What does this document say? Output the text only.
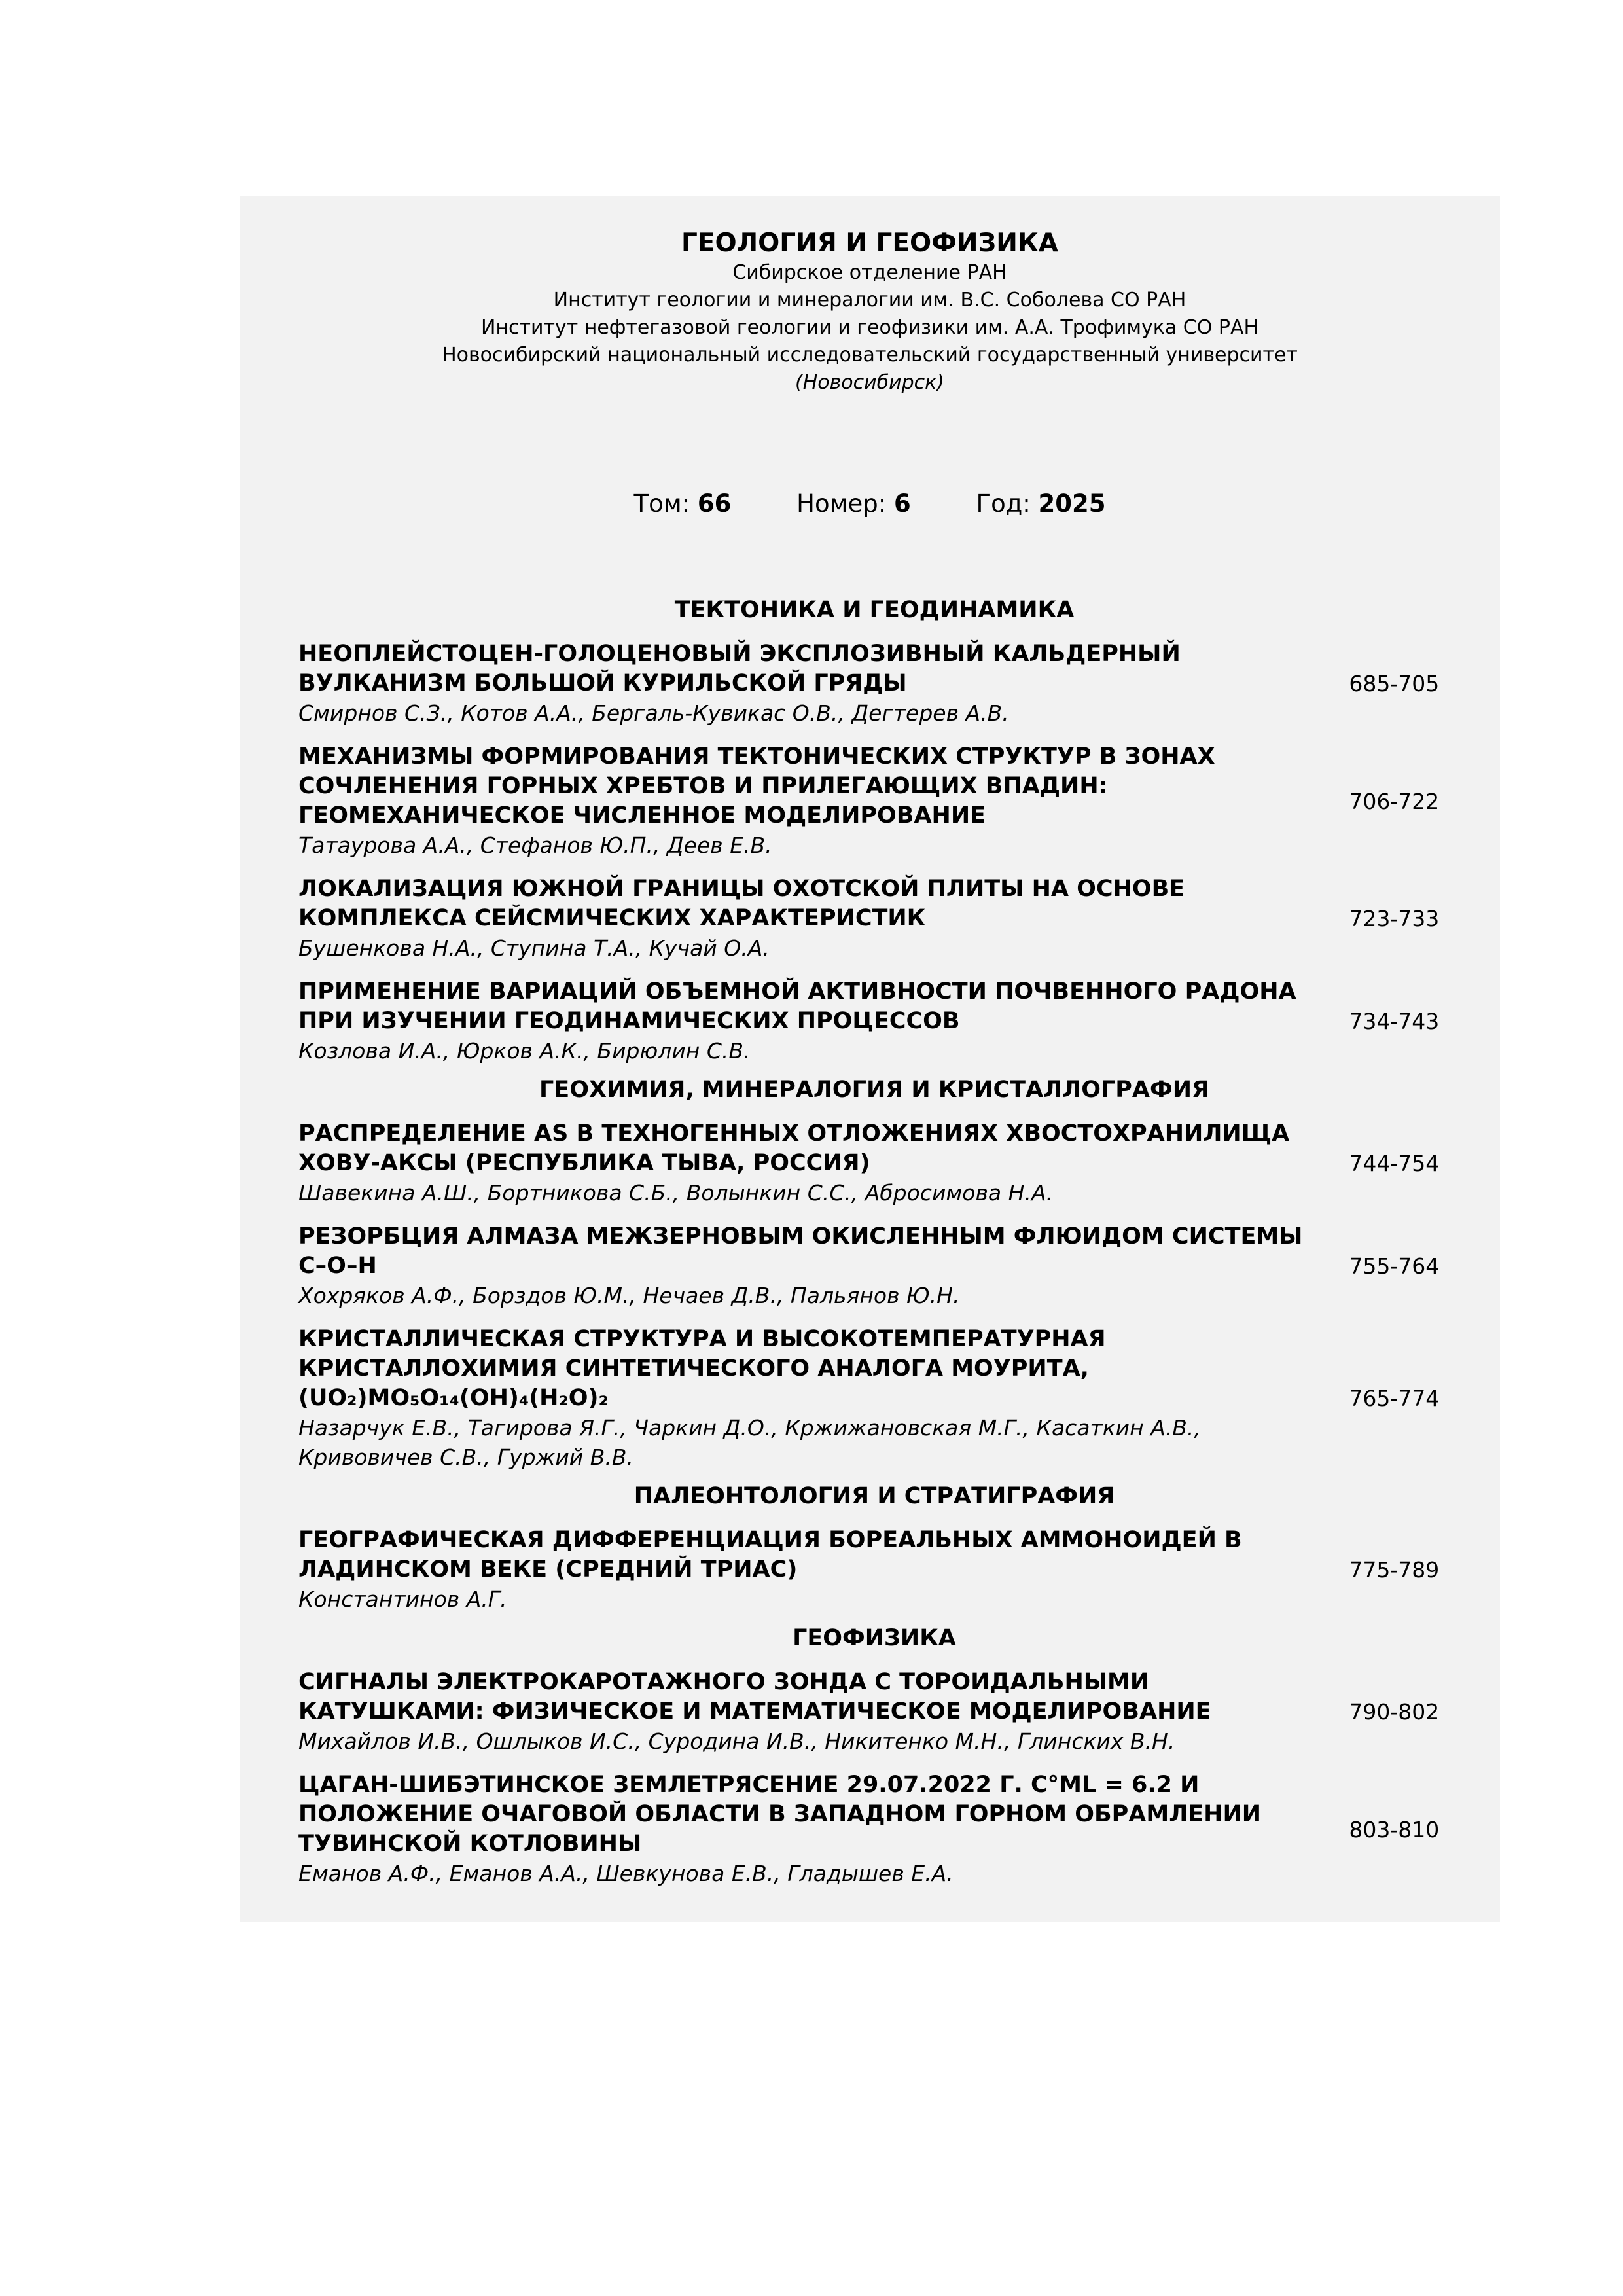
ГЕОЛОГИЯ И ГЕОФИЗИКА
Сибирское отделение РАН
Институт геологии и минералогии им. В.С. Соболева СО РАН
Институт нефтегазовой геологии и геофизики им. А.А. Трофимука СО РАН
Новосибирский национальный исследовательский государственный университет
(Новосибирск)
Том: 66	Номер: 6	Год: 2025
ТЕКТОНИКА И ГЕОДИНАМИКА
НЕОПЛЕЙСТОЦЕН-ГОЛОЦЕНОВЫЙ ЭКСПЛОЗИВНЫЙ КАЛЬДЕРНЫЙ ВУЛКАНИЗМ БОЛЬШОЙ КУРИЛЬСКОЙ ГРЯДЫ
Смирнов С.З., Котов А.А., Бергаль-Кувикас О.В., Дегтерев А.В.
685-705
МЕХАНИЗМЫ ФОРМИРОВАНИЯ ТЕКТОНИЧЕСКИХ СТРУКТУР В ЗОНАХ СОЧЛЕНЕНИЯ ГОРНЫХ ХРЕБТОВ И ПРИЛЕГАЮЩИХ ВПАДИН: ГЕОМЕХАНИЧЕСКОЕ ЧИСЛЕННОЕ МОДЕЛИРОВАНИЕ
Татаурова А.А., Стефанов Ю.П., Деев Е.В.
706-722
ЛОКАЛИЗАЦИЯ ЮЖНОЙ ГРАНИЦЫ ОХОТСКОЙ ПЛИТЫ НА ОСНОВЕ КОМПЛЕКСА СЕЙСМИЧЕСКИХ ХАРАКТЕРИСТИК
Бушенкова Н.А., Ступина Т.А., Кучай О.А.
723-733
ПРИМЕНЕНИЕ ВАРИАЦИЙ ОБЪЕМНОЙ АКТИВНОСТИ ПОЧВЕННОГО РАДОНА ПРИ ИЗУЧЕНИИ ГЕОДИНАМИЧЕСКИХ ПРОЦЕССОВ
Козлова И.А., Юрков А.К., Бирюлин С.В.
734-743
ГЕОХИМИЯ, МИНЕРАЛОГИЯ И КРИСТАЛЛОГРАФИЯ
РАСПРЕДЕЛЕНИЕ AS В ТЕХНОГЕННЫХ ОТЛОЖЕНИЯХ ХВОСТОХРАНИЛИЩА ХОВУ-АКСЫ (РЕСПУБЛИКА ТЫВА, РОССИЯ)
Шавекина А.Ш., Бортникова С.Б., Волынкин С.С., Абросимова Н.А.
744-754
РЕЗОРБЦИЯ АЛМАЗА МЕЖЗЕРНОВЫМ ОКИСЛЕННЫМ ФЛЮИДОМ СИСТЕМЫ С–О–Н
Хохряков А.Ф., Борздов Ю.М., Нечаев Д.В., Пальянов Ю.Н.
755-764
КРИСТАЛЛИЧЕСКАЯ СТРУКТУРА И ВЫСОКОТЕМПЕРАТУРНАЯ КРИСТАЛЛОХИМИЯ СИНТЕТИЧЕСКОГО АНАЛОГА МОУРИТА, (UO₂)MO₅O₁₄(OH)₄(H₂O)₂
Назарчук Е.В., Тагирова Я.Г., Чаркин Д.О., Кржижановская М.Г., Касаткин А.В., Кривовичев С.В., Гуржий В.В.
765-774
ПАЛЕОНТОЛОГИЯ И СТРАТИГРАФИЯ
ГЕОГРАФИЧЕСКАЯ ДИФФЕРЕНЦИАЦИЯ БОРЕАЛЬНЫХ АММОНОИДЕЙ В ЛАДИНСКОМ ВЕКЕ (СРЕДНИЙ ТРИАС)
Константинов А.Г.
775-789
ГЕОФИЗИКА
СИГНАЛЫ ЭЛЕКТРОКАРОТАЖНОГО ЗОНДА С ТОРОИДАЛЬНЫМИ КАТУШКАМИ: ФИЗИЧЕСКОЕ И МАТЕМАТИЧЕСКОЕ МОДЕЛИРОВАНИЕ
Михайлов И.В., Ошлыков И.С., Суродина И.В., Никитенко М.Н., Глинских В.Н.
790-802
ЦАГАН-ШИБЭТИНСКОЕ ЗЕМЛЕТРЯСЕНИЕ 29.07.2022 Г. С°ML = 6.2 И ПОЛОЖЕНИЕ ОЧАГОВОЙ ОБЛАСТИ В ЗАПАДНОМ ГОРНОМ ОБРАМЛЕНИИ ТУВИНСКОЙ КОТЛОВИНЫ
Еманов А.Ф., Еманов А.А., Шевкунова Е.В., Гладышев Е.А.
803-810
